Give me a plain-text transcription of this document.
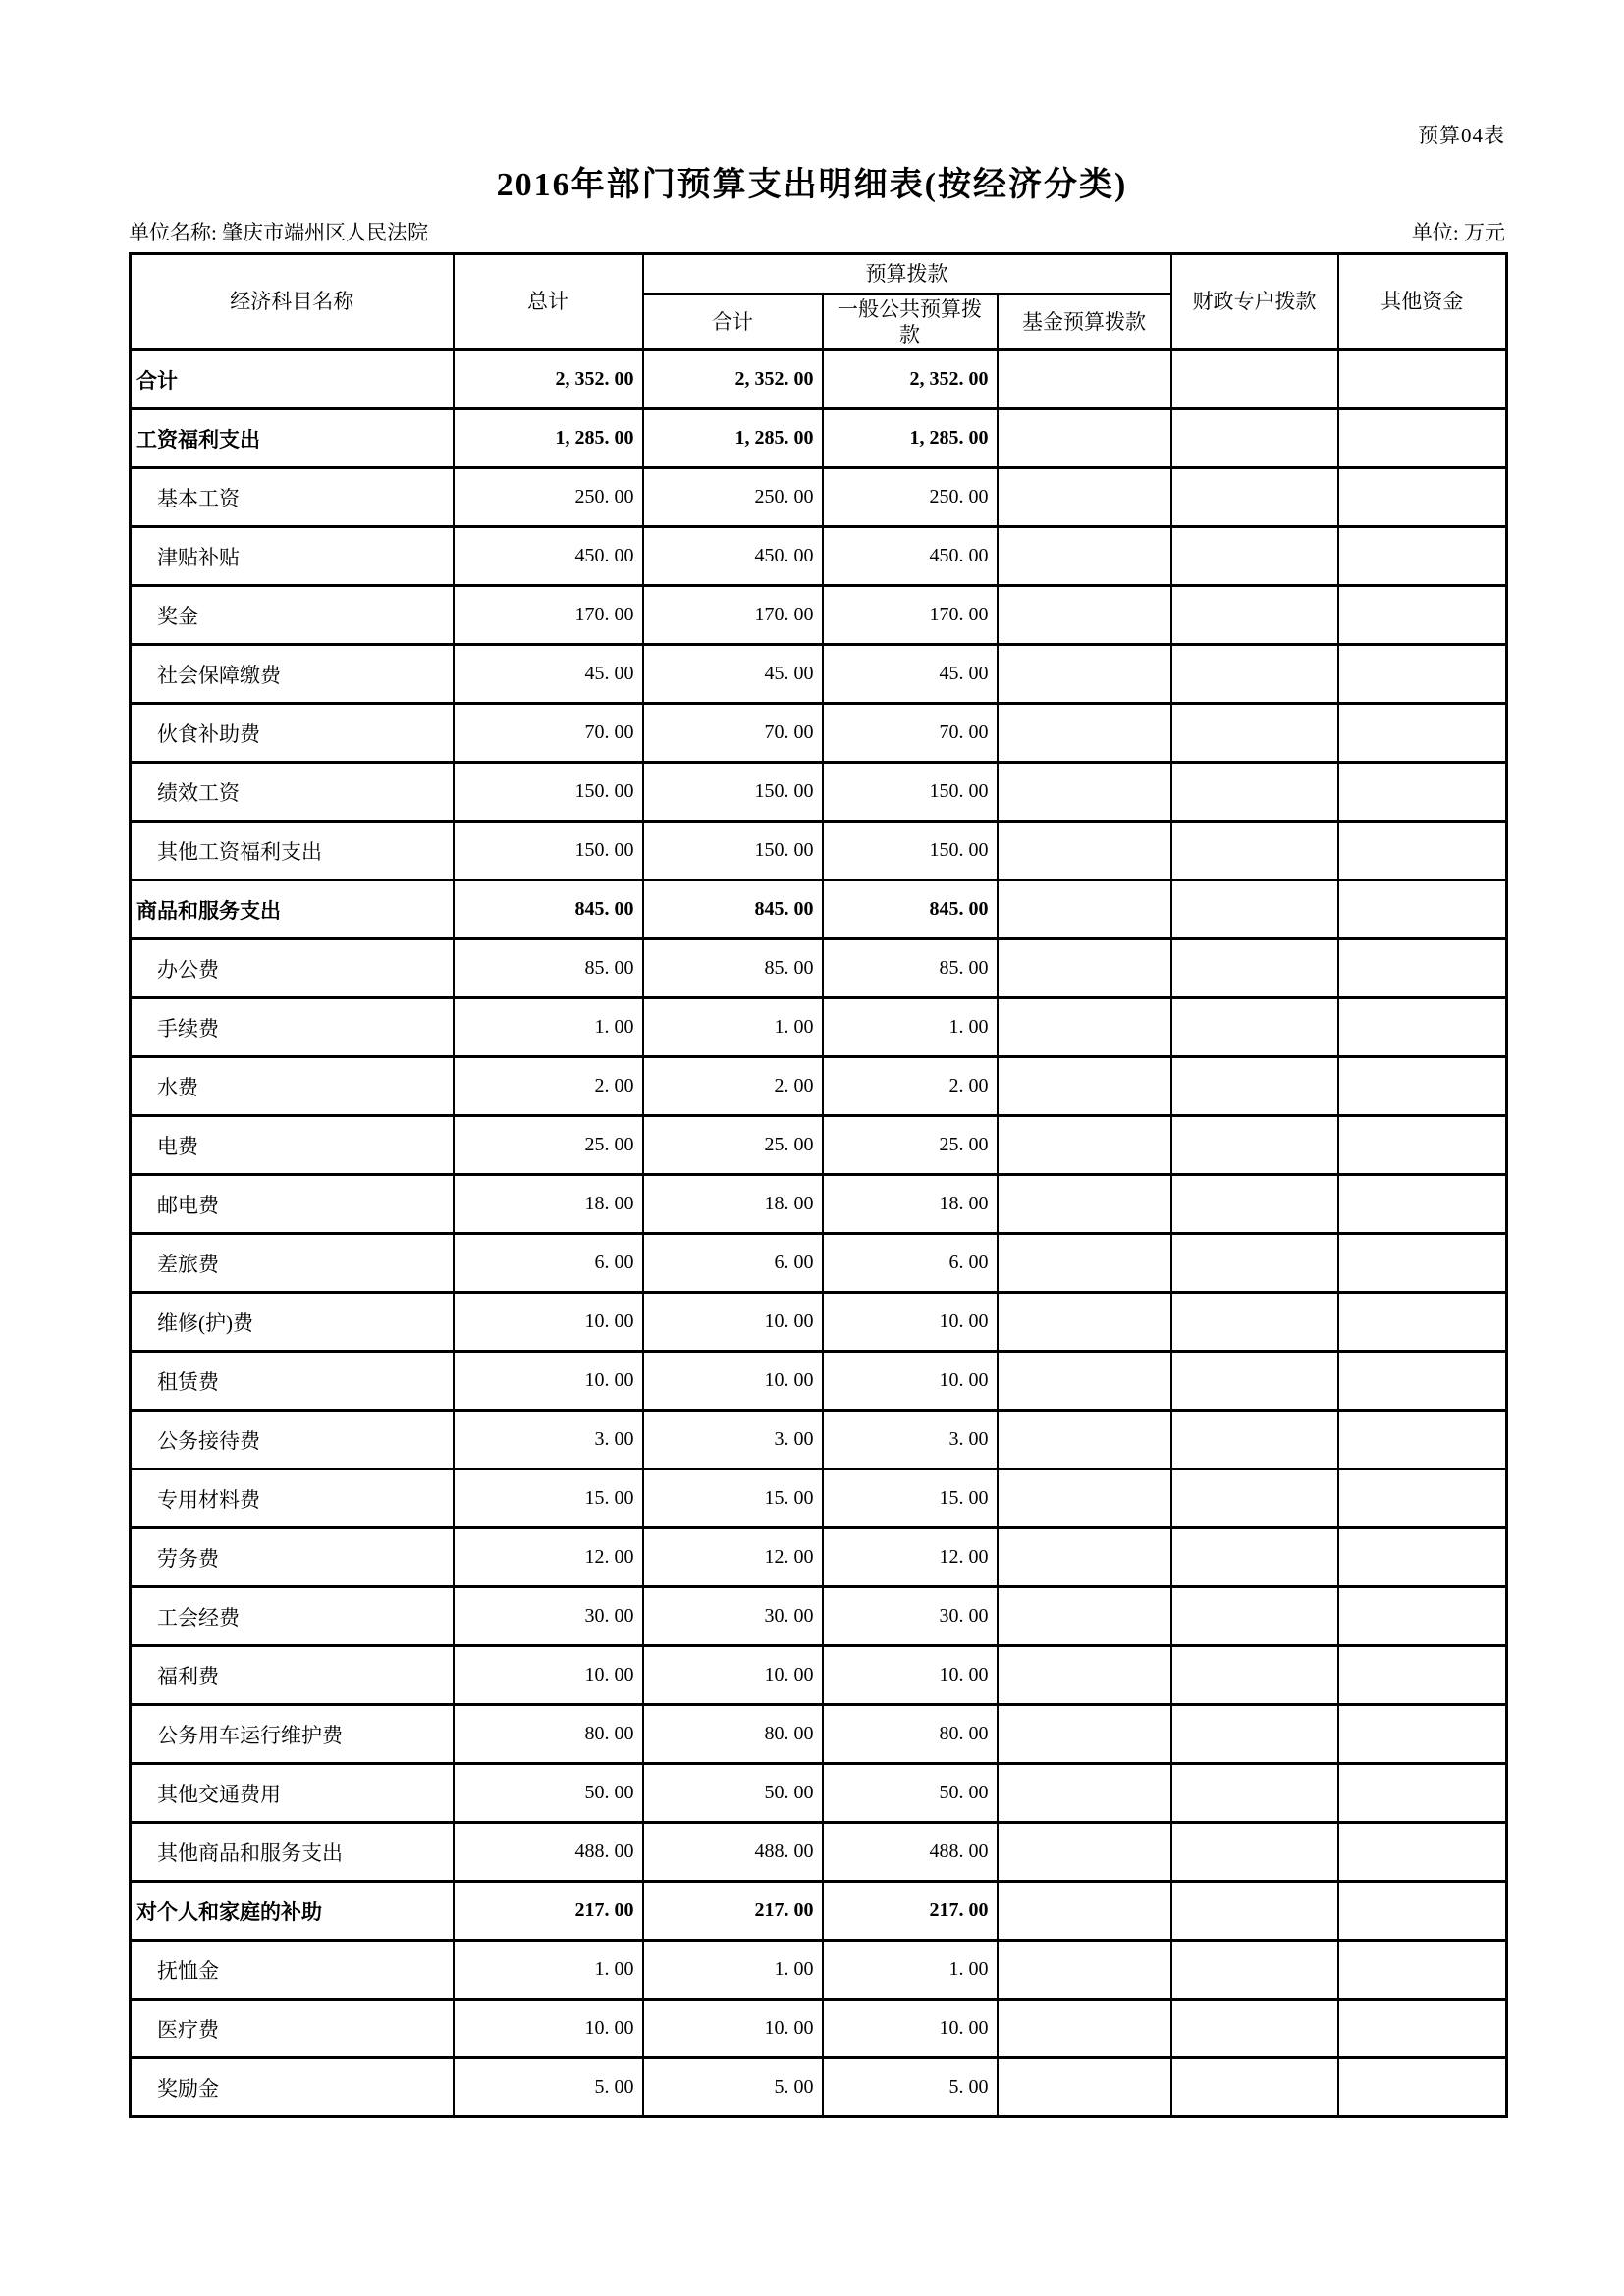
预算04表
2016年部门预算支出明细表(按经济分类)
单位名称: 肇庆市端州区人民法院	单位: 万元
经济科目名称	总计	预算拨款			财政专户拨款	其他资金
		合计	一般公共预算拨款	基金预算拨款		
合计	2, 352. 00	2, 352. 00	2, 352. 00			
工资福利支出	1, 285. 00	1, 285. 00	1, 285. 00			
基本工资	250. 00	250. 00	250. 00			
津贴补贴	450. 00	450. 00	450. 00			
奖金	170. 00	170. 00	170. 00			
社会保障缴费	45. 00	45. 00	45. 00			
伙食补助费	70. 00	70. 00	70. 00			
绩效工资	150. 00	150. 00	150. 00			
其他工资福利支出	150. 00	150. 00	150. 00			
商品和服务支出	845. 00	845. 00	845. 00			
办公费	85. 00	85. 00	85. 00			
手续费	1. 00	1. 00	1. 00			
水费	2. 00	2. 00	2. 00			
电费	25. 00	25. 00	25. 00			
邮电费	18. 00	18. 00	18. 00			
差旅费	6. 00	6. 00	6. 00			
维修(护)费	10. 00	10. 00	10. 00			
租赁费	10. 00	10. 00	10. 00			
公务接待费	3. 00	3. 00	3. 00			
专用材料费	15. 00	15. 00	15. 00			
劳务费	12. 00	12. 00	12. 00			
工会经费	30. 00	30. 00	30. 00			
福利费	10. 00	10. 00	10. 00			
公务用车运行维护费	80. 00	80. 00	80. 00			
其他交通费用	50. 00	50. 00	50. 00			
其他商品和服务支出	488. 00	488. 00	488. 00			
对个人和家庭的补助	217. 00	217. 00	217. 00			
抚恤金	1. 00	1. 00	1. 00			
医疗费	10. 00	10. 00	10. 00			
奖励金	5. 00	5. 00	5. 00			
